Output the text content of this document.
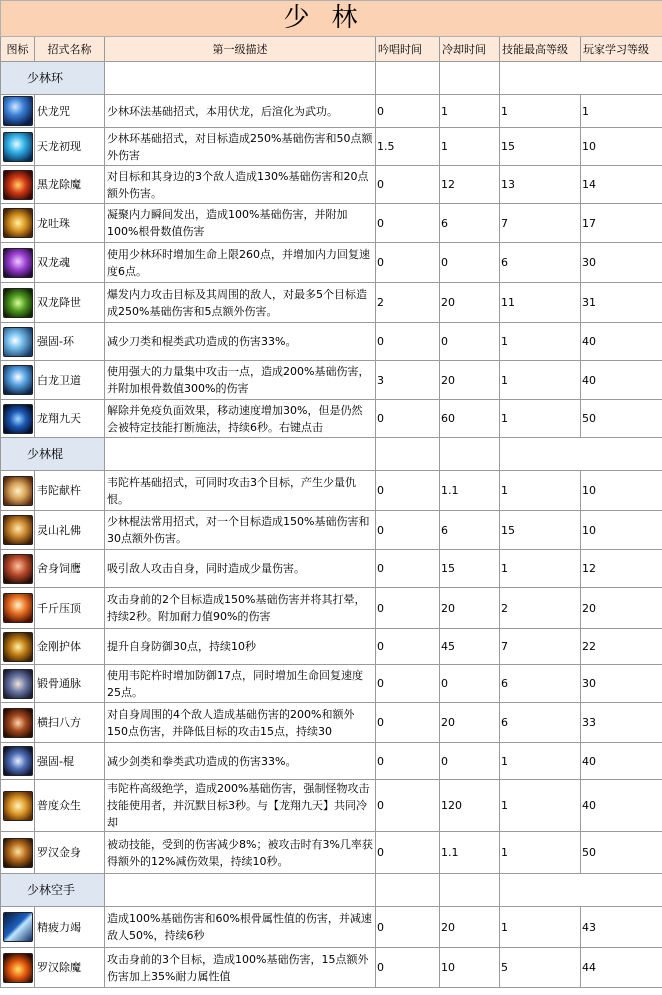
少林						
图标	招式名称	第一级描述	吟唱时间	冷却时间	技能最高等级	玩家学习等级
少林环						

	伏龙咒	少林环法基础招式，本用伏龙，后渲化为武功。	0	1	1	1

	天龙初现	少林环基础招式，对目标造成250%基础伤害和50点额外伤害	1.5	1	15	10

	黑龙除魔	对目标和其身边的3个敌人造成130%基础伤害和20点额外伤害。	0	12	13	14

	龙吐珠	凝聚内力瞬间发出，造成100%基础伤害，并附加100%根骨数值伤害	0	6	7	17

	双龙魂	使用少林环时增加生命上限260点，并增加内力回复速度6点。	0	0	6	30

	双龙降世	爆发内力攻击目标及其周围的敌人，对最多5个目标造成250%基础伤害和5点额外伤害。	2	20	11	31

	强固-环	减少刀类和棍类武功造成的伤害33%。	0	0	1	40

	白龙卫道	使用强大的力量集中攻击一点，造成200%基础伤害，并附加根骨数值300%的伤害	3	20	1	40

	龙翔九天	解除并免疫负面效果，移动速度增加30%，但是仍然会被特定技能打断施法，持续6秒。右键点击	0	60	1	50
少林棍						

	韦陀献杵	韦陀杵基础招式，可同时攻击3个目标，产生少量仇恨。	0	1.1	1	10

	灵山礼佛	少林棍法常用招式，对一个目标造成150%基础伤害和30点额外伤害。	0	6	15	10

	舍身饲鹰	吸引敌人攻击自身，同时造成少量伤害。	0	15	1	12

	千斤压顶	攻击身前的2个目标造成150%基础伤害并将其打晕，持续2秒。附加耐力值90%的伤害	0	20	2	20

	金刚护体	提升自身防御30点，持续10秒	0	45	7	22

	锻骨通脉	使用韦陀杵时增加防御17点，同时增加生命回复速度25点。	0	0	6	30

	横扫八方	对自身周围的4个敌人造成基础伤害的200%和额外150点伤害，并降低目标的攻击15点，持续30	0	20	6	33

	强固-棍	减少剑类和拳类武功造成的伤害33%。	0	0	1	40

	普度众生	韦陀杵高级绝学，造成200%基础伤害，强制怪物攻击技能使用者，并沉默目标3秒。与【龙翔九天】共同冷却	0	120	1	40

	罗汉金身	被动技能，受到的伤害减少8%；被攻击时有3%几率获得额外的12%减伤效果，持续10秒。	0	1.1	1	50
少林空手						

	精疲力竭	造成100%基础伤害和60%根骨属性值的伤害，并减速敌人50%，持续6秒	0	20	1	43

	罗汉除魔	攻击身前的3个目标，造成100%基础伤害，15点额外伤害加上35%耐力属性值	0	10	5	44
